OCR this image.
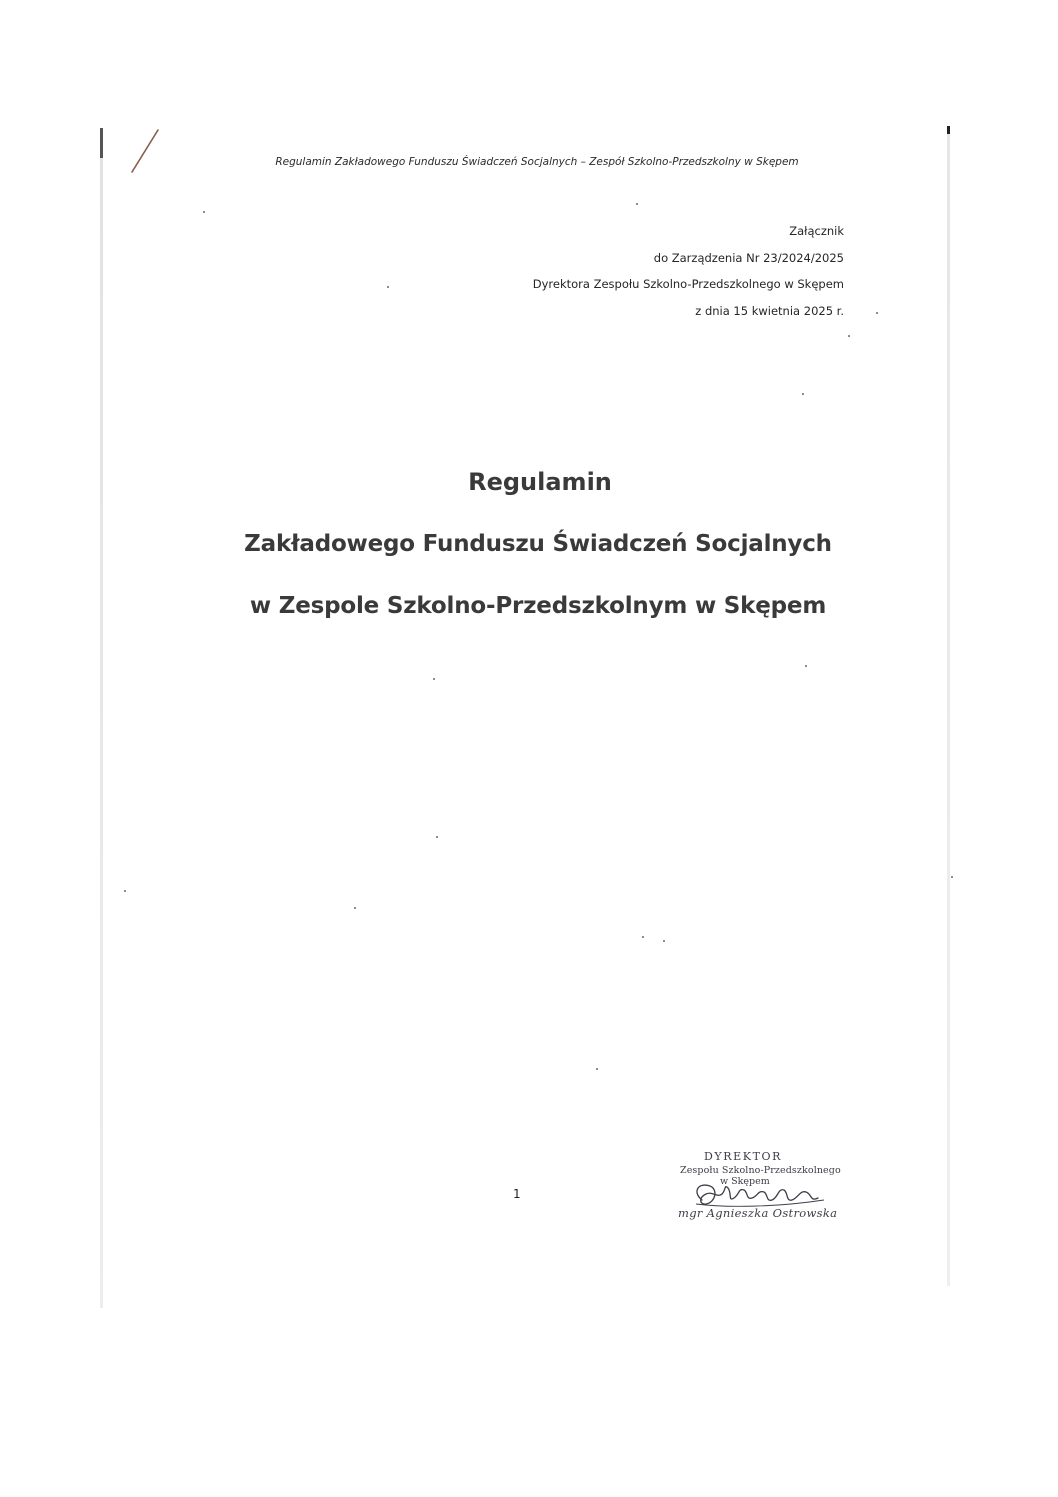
Regulamin Zakładowego Funduszu Świadczeń Socjalnych – Zespół Szkolno-Przedszkolny w Skępem
Załącznik
do Zarządzenia Nr 23/2024/2025
Dyrektora Zespołu Szkolno-Przedszkolnego w Skępem
z dnia 15 kwietnia 2025 r.
Regulamin
Zakładowego Funduszu Świadczeń Socjalnych
w Zespole Szkolno-Przedszkolnym w Skępem
1
DYREKTOR
Zespołu Szkolno-Przedszkolnego
w Skępem
mgr Agnieszka Ostrowska
